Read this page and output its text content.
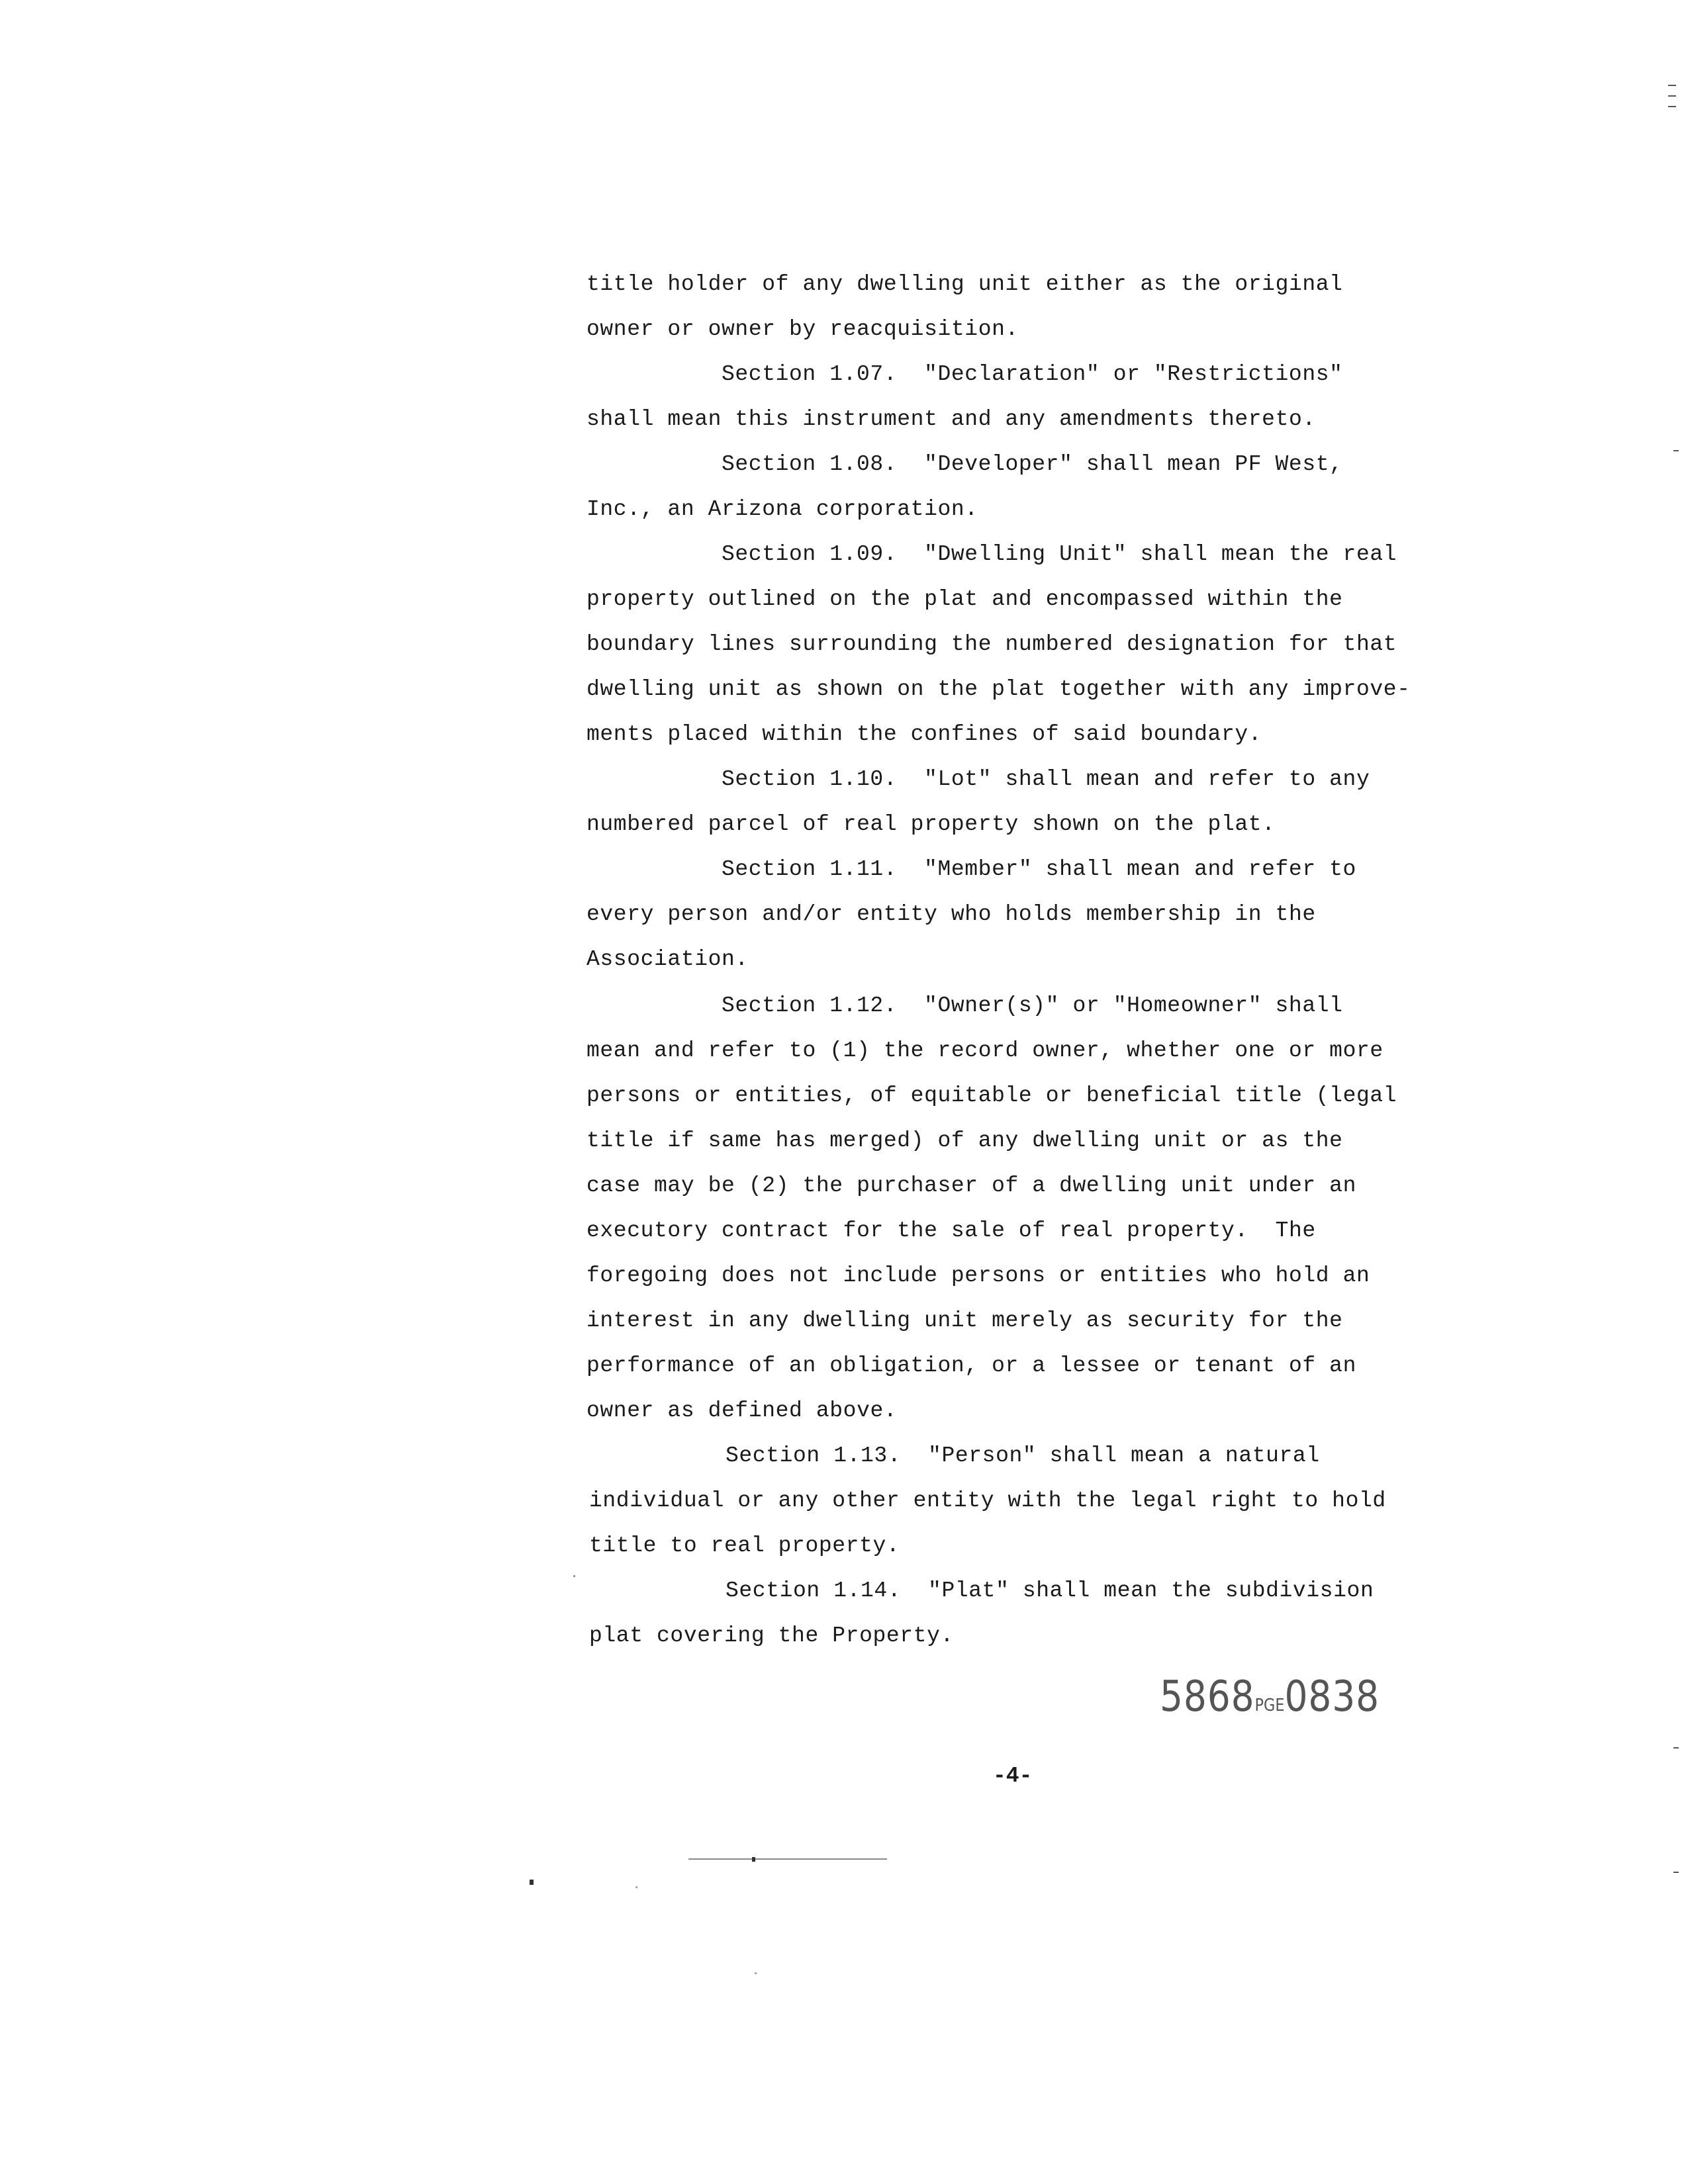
title holder of any dwelling unit either as the original
owner or owner by reacquisition.
Section 1.07.  "Declaration" or "Restrictions"
shall mean this instrument and any amendments thereto.
Section 1.08.  "Developer" shall mean PF West,
Inc., an Arizona corporation.
Section 1.09.  "Dwelling Unit" shall mean the real
property outlined on the plat and encompassed within the
boundary lines surrounding the numbered designation for that
dwelling unit as shown on the plat together with any improve-
ments placed within the confines of said boundary.
Section 1.10.  "Lot" shall mean and refer to any
numbered parcel of real property shown on the plat.
Section 1.11.  "Member" shall mean and refer to
every person and/or entity who holds membership in the
Association.
Section 1.12.  "Owner(s)" or "Homeowner" shall
mean and refer to (1) the record owner, whether one or more
persons or entities, of equitable or beneficial title (legal
title if same has merged) of any dwelling unit or as the
case may be (2) the purchaser of a dwelling unit under an
executory contract for the sale of real property.  The
foregoing does not include persons or entities who hold an
interest in any dwelling unit merely as security for the
performance of an obligation, or a lessee or tenant of an
owner as defined above.
Section 1.13.  "Person" shall mean a natural
individual or any other entity with the legal right to hold
title to real property.
Section 1.14.  "Plat" shall mean the subdivision
plat covering the Property.
5868PGE0838
-4-
